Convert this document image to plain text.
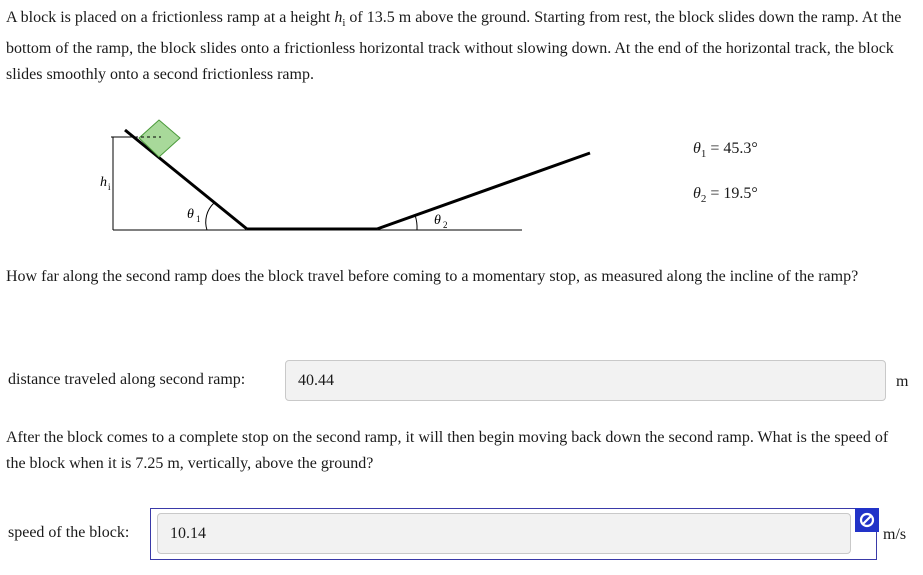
A block is placed on a frictionless ramp at a height $h_i$ of 13.5 m above the ground. Starting from rest, the block slides down the ramp. At the bottom of the ramp, the block slides onto a frictionless horizontal track without slowing down. At the end of the horizontal track, the block slides smoothly onto a second frictionless ramp.

h i
θ 1	θ 2
$\theta_1 = 45.3^\circ$
$\theta_2 = 19.5^\circ$

How far along the second ramp does the block travel before coming to a momentary stop, as measured along the incline of the ramp?

distance traveled along second ramp:	40.44	m

After the block comes to a complete stop on the second ramp, it will then begin moving back down the second ramp. What is the speed of the block when it is 7.25 m, vertically, above the ground?

speed of the block:	10.14	m/s
